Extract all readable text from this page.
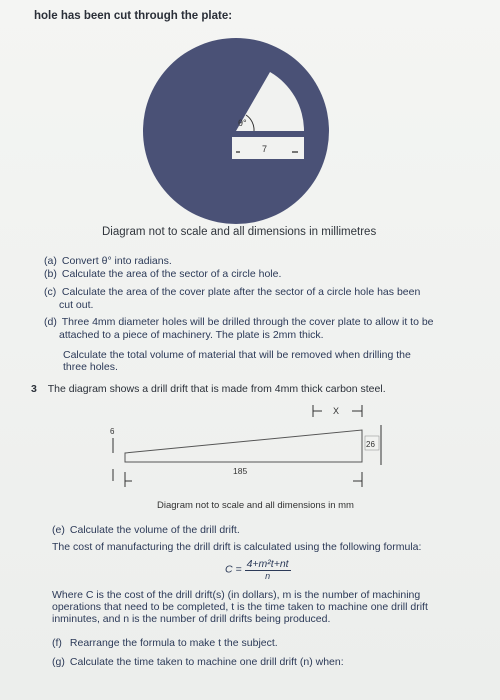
hole has been cut through the plate:
θ°
7
Diagram not to scale and all dimensions in millimetres
(a) Convert θ° into radians.
(b) Calculate the area of the sector of a circle hole.
(c) Calculate the area of the cover plate after the sector of a circle hole has been
cut out.
(d) Three 4mm diameter holes will be drilled through the cover plate to allow it to be
attached to a piece of machinery. The plate is 2mm thick.
Calculate the total volume of material that will be removed when drilling the
three holes.
3 The diagram shows a drill drift that is made from 4mm thick carbon steel.
X
6
26
185
Diagram not to scale and all dimensions in mm
(e) Calculate the volume of the drill drift.
The cost of manufacturing the drill drift is calculated using the following formula:
$C = \frac{\text{4+m²t+nt}}{n}$
Where C is the cost of the drill drift(s) (in dollars), m is the number of machining
operations that need to be completed, t is the time taken to machine one drill drift
inminutes, and n is the number of drill drifts being produced.
(f) Rearrange the formula to make t the subject.
(g) Calculate the time taken to machine one drill drift (n) when:
